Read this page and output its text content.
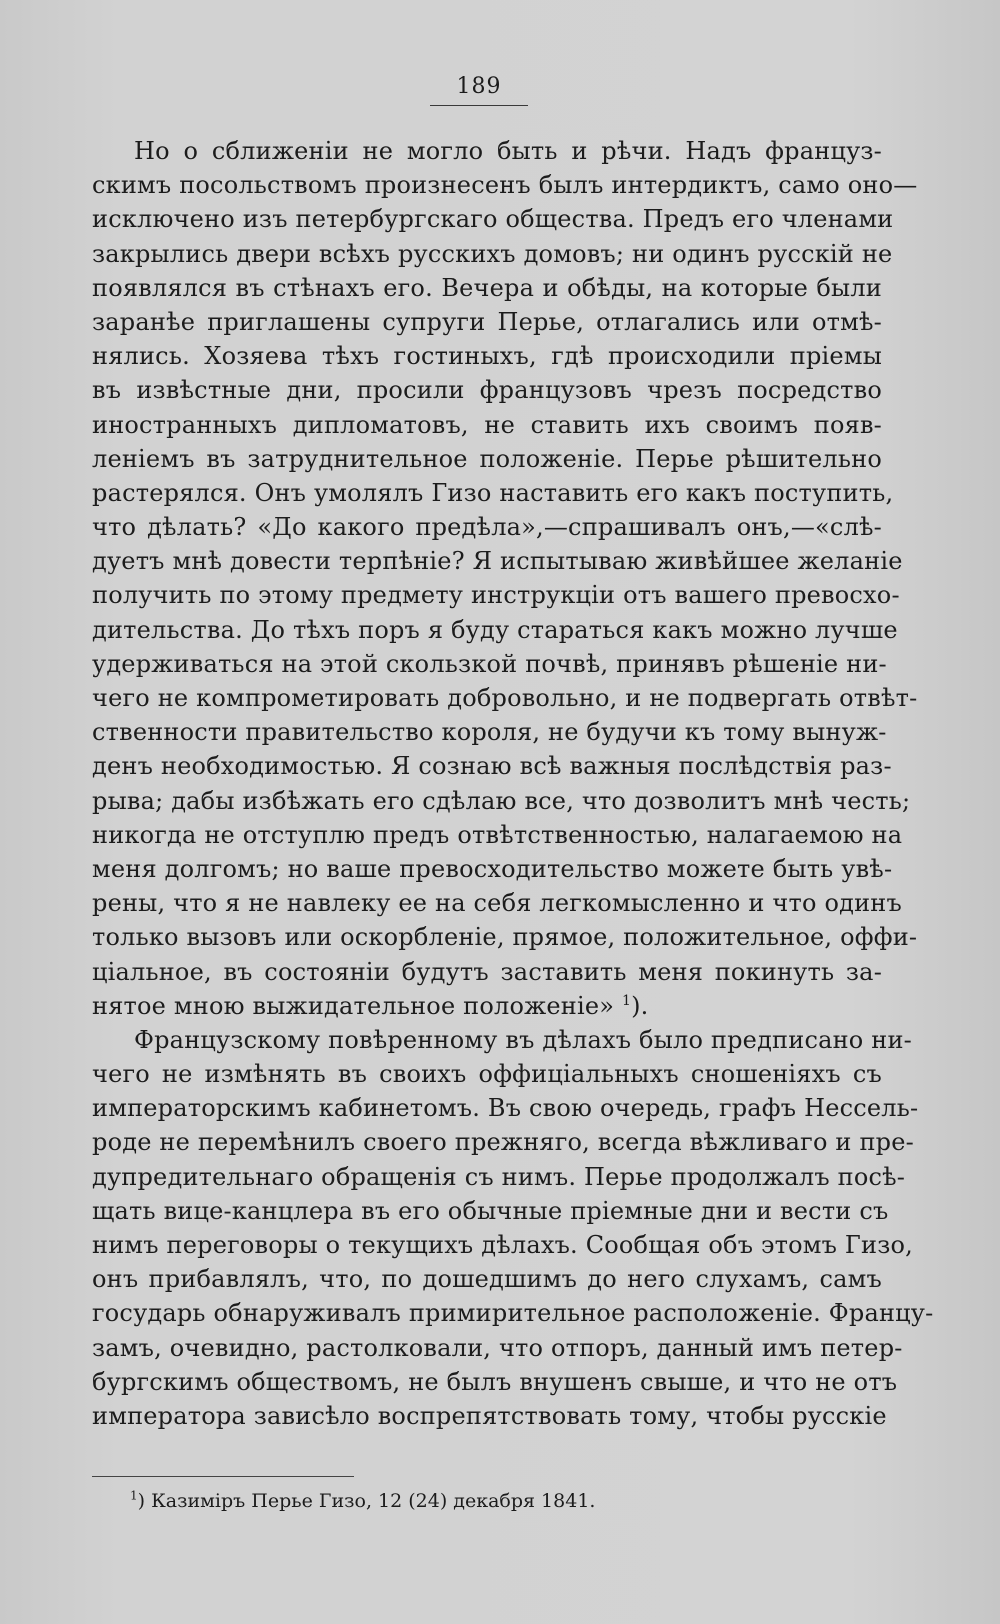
189
Но о сближеніи не могло быть и рѣчи. Надъ француз-
скимъ посольствомъ произнесенъ былъ интердиктъ, само оно—
исключено изъ петербургскаго общества. Предъ его членами
закрылись двери всѣхъ русскихъ домовъ; ни одинъ русскій не
появлялся въ стѣнахъ его. Вечера и обѣды, на которые были
заранѣе приглашены супруги Перье, отлагались или отмѣ-
нялись. Хозяева тѣхъ гостиныхъ, гдѣ происходили пріемы
въ извѣстные дни, просили французовъ чрезъ посредство
иностранныхъ дипломатовъ, не ставить ихъ своимъ появ-
леніемъ въ затруднительное положеніе. Перье рѣшительно
растерялся. Онъ умолялъ Гизо наставить его какъ поступить,
что дѣлать? «До какого предѣла»,—спрашивалъ онъ,—«слѣ-
дуетъ мнѣ довести терпѣніе? Я испытываю живѣйшее желаніе
получить по этому предмету инструкціи отъ вашего превосхо-
дительства. До тѣхъ поръ я буду стараться какъ можно лучше
удерживаться на этой скользкой почвѣ, принявъ рѣшеніе ни-
чего не компрометировать добровольно, и не подвергать отвѣт-
ственности правительство короля, не будучи къ тому вынуж-
денъ необходимостью. Я сознаю всѣ важныя послѣдствія раз-
рыва; дабы избѣжать его сдѣлаю все, что дозволитъ мнѣ честь;
никогда не отступлю предъ отвѣтственностью, налагаемою на
меня долгомъ; но ваше превосходительство можете быть увѣ-
рены, что я не навлеку ее на себя легкомысленно и что одинъ
только вызовъ или оскорбленіе, прямое, положительное, оффи-
ціальное, въ состояніи будутъ заставить меня покинуть за-
нятое мною выжидательное положеніе» $^1$).
Французскому повѣренному въ дѣлахъ было предписано ни-
чего не измѣнять въ своихъ оффиціальныхъ сношеніяхъ съ
императорскимъ кабинетомъ. Въ свою очередь, графъ Нессель-
роде не перемѣнилъ своего прежняго, всегда вѣжливаго и пре-
дупредительнаго обращенія съ нимъ. Перье продолжалъ посѣ-
щать вице-канцлера въ его обычные пріемные дни и вести съ
нимъ переговоры о текущихъ дѣлахъ. Сообщая объ этомъ Гизо,
онъ прибавлялъ, что, по дошедшимъ до него слухамъ, самъ
государь обнаруживалъ примирительное расположеніе. Францу-
замъ, очевидно, растолковали, что отпоръ, данный имъ петер-
бургскимъ обществомъ, не былъ внушенъ свыше, и что не отъ
императора зависѣло воспрепятствовать тому, чтобы русскіе
$^1$) Казиміръ Перье Гизо, 12 (24) декабря 1841.
